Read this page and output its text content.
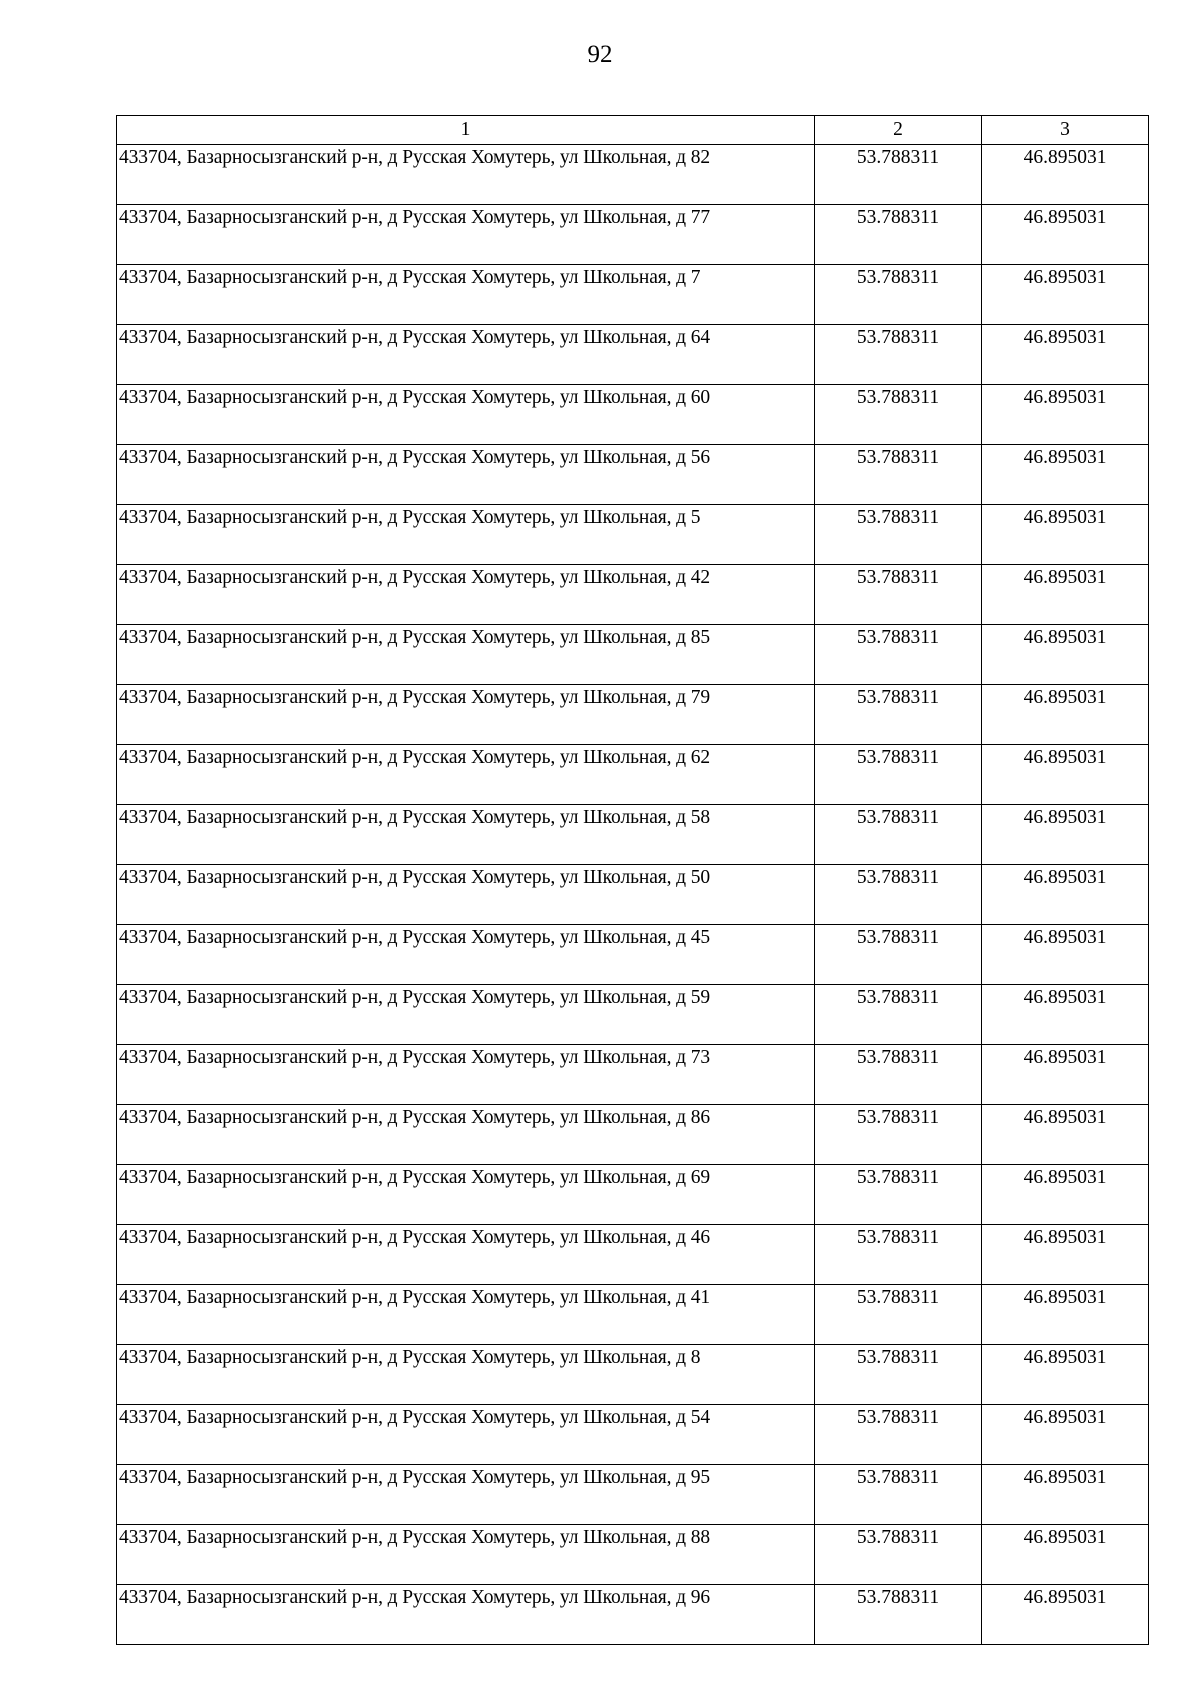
92
1	2	3
433704, Базарносызганский р-н, д Русская Хомутерь, ул Школьная, д 82	53.788311	46.895031
433704, Базарносызганский р-н, д Русская Хомутерь, ул Школьная, д 77	53.788311	46.895031
433704, Базарносызганский р-н, д Русская Хомутерь, ул Школьная, д 7	53.788311	46.895031
433704, Базарносызганский р-н, д Русская Хомутерь, ул Школьная, д 64	53.788311	46.895031
433704, Базарносызганский р-н, д Русская Хомутерь, ул Школьная, д 60	53.788311	46.895031
433704, Базарносызганский р-н, д Русская Хомутерь, ул Школьная, д 56	53.788311	46.895031
433704, Базарносызганский р-н, д Русская Хомутерь, ул Школьная, д 5	53.788311	46.895031
433704, Базарносызганский р-н, д Русская Хомутерь, ул Школьная, д 42	53.788311	46.895031
433704, Базарносызганский р-н, д Русская Хомутерь, ул Школьная, д 85	53.788311	46.895031
433704, Базарносызганский р-н, д Русская Хомутерь, ул Школьная, д 79	53.788311	46.895031
433704, Базарносызганский р-н, д Русская Хомутерь, ул Школьная, д 62	53.788311	46.895031
433704, Базарносызганский р-н, д Русская Хомутерь, ул Школьная, д 58	53.788311	46.895031
433704, Базарносызганский р-н, д Русская Хомутерь, ул Школьная, д 50	53.788311	46.895031
433704, Базарносызганский р-н, д Русская Хомутерь, ул Школьная, д 45	53.788311	46.895031
433704, Базарносызганский р-н, д Русская Хомутерь, ул Школьная, д 59	53.788311	46.895031
433704, Базарносызганский р-н, д Русская Хомутерь, ул Школьная, д 73	53.788311	46.895031
433704, Базарносызганский р-н, д Русская Хомутерь, ул Школьная, д 86	53.788311	46.895031
433704, Базарносызганский р-н, д Русская Хомутерь, ул Школьная, д 69	53.788311	46.895031
433704, Базарносызганский р-н, д Русская Хомутерь, ул Школьная, д 46	53.788311	46.895031
433704, Базарносызганский р-н, д Русская Хомутерь, ул Школьная, д 41	53.788311	46.895031
433704, Базарносызганский р-н, д Русская Хомутерь, ул Школьная, д 8	53.788311	46.895031
433704, Базарносызганский р-н, д Русская Хомутерь, ул Школьная, д 54	53.788311	46.895031
433704, Базарносызганский р-н, д Русская Хомутерь, ул Школьная, д 95	53.788311	46.895031
433704, Базарносызганский р-н, д Русская Хомутерь, ул Школьная, д 88	53.788311	46.895031
433704, Базарносызганский р-н, д Русская Хомутерь, ул Школьная, д 96	53.788311	46.895031
